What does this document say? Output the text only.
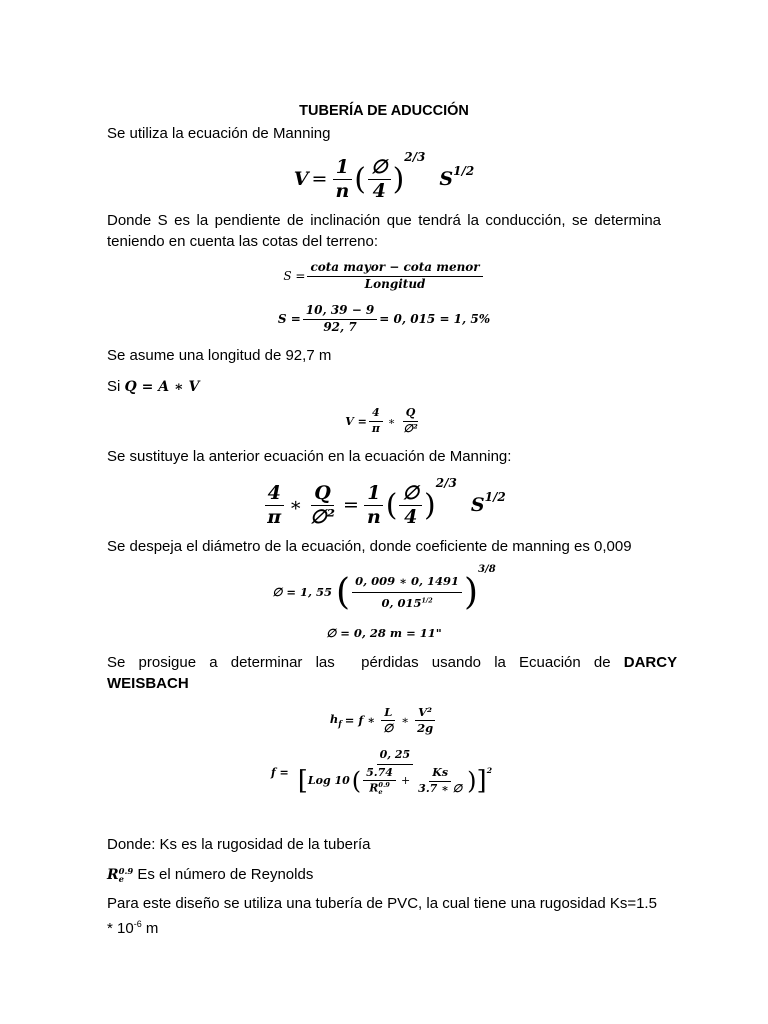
TUBERÍA DE ADUCCIÓN
Se utiliza la ecuación de Manning
$V = \frac{1}{n}$ ( $\frac{\emptyset}{4}$ )
2/3
S 1/2
Donde S es la pendiente de inclinación que tendrá la conducción, se determina teniendo en cuenta las cotas del terreno:
$S = \frac{\text{cota mayor − cota menor}}{\text{Longitud}}$
$S = \frac{10, 39 - 9}{92, 7} = 0$, 015 = 1, 5%
Se asume una longitud de 92,7 m
Si Q = A ∗ V
$V = \frac{4}{\pi}$ ∗ $\frac{Q}{\text{∅²}}$
Se sustituye la anterior ecuación en la ecuación de Manning:
$\frac{4}{\pi}$ ∗ $\frac{Q}{\text{∅²}} = \frac{1}{n}$ ( $\frac{\emptyset}{4}$ )
2/3
S 1/2
Se despeja el diámetro de la ecuación, donde coeficiente de manning es 0,009
∅ = 1, 55 ( $\frac{0, 009 ∗ 0, 1491}{0, 015^{1/2}}$ )
3/8
∅ = 0, 28 m = 11"
Se prosigue a determinar las  pérdidas usando la Ecuación de DARCY
WEISBACH
$h_f = f$ ∗ $\frac{L}{\emptyset}$ ∗ $\frac{\text{V²}}{2g}$
f =
0, 25
[ Log 10 ( 5.74
R 0.9
$e + \frac{Ks}{3.7 ∗ \emptyset}$ ) ] 2
Donde: Ks es la rugosidad de la tubería
R 0.9
e Es el número de Reynolds
Para este diseño se utiliza una tubería de PVC, la cual tiene una rugosidad Ks=1.5
* $10^{-6}$ m
